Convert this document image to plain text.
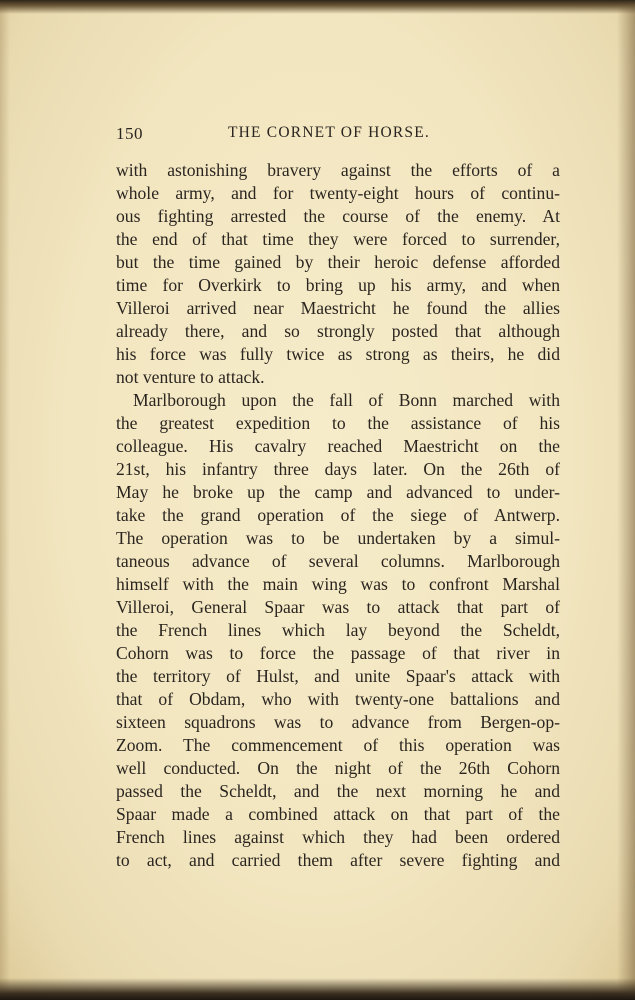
150	THE CORNET OF HORSE.
with astonishing bravery against the efforts of a
whole army, and for twenty-eight hours of continu-
ous fighting arrested the course of the enemy. At
the end of that time they were forced to surrender,
but the time gained by their heroic defense afforded
time for Overkirk to bring up his army, and when
Villeroi arrived near Maestricht he found the allies
already there, and so strongly posted that although
his force was fully twice as strong as theirs, he did
not venture to attack.
Marlborough upon the fall of Bonn marched with
the greatest expedition to the assistance of his
colleague. His cavalry reached Maestricht on the
21st, his infantry three days later. On the 26th of
May he broke up the camp and advanced to under-
take the grand operation of the siege of Antwerp.
The operation was to be undertaken by a simul-
taneous advance of several columns. Marlborough
himself with the main wing was to confront Marshal
Villeroi, General Spaar was to attack that part of
the French lines which lay beyond the Scheldt,
Cohorn was to force the passage of that river in
the territory of Hulst, and unite Spaar's attack with
that of Obdam, who with twenty-one battalions and
sixteen squadrons was to advance from Bergen-op-
Zoom. The commencement of this operation was
well conducted. On the night of the 26th Cohorn
passed the Scheldt, and the next morning he and
Spaar made a combined attack on that part of the
French lines against which they had been ordered
to act, and carried them after severe fighting and
